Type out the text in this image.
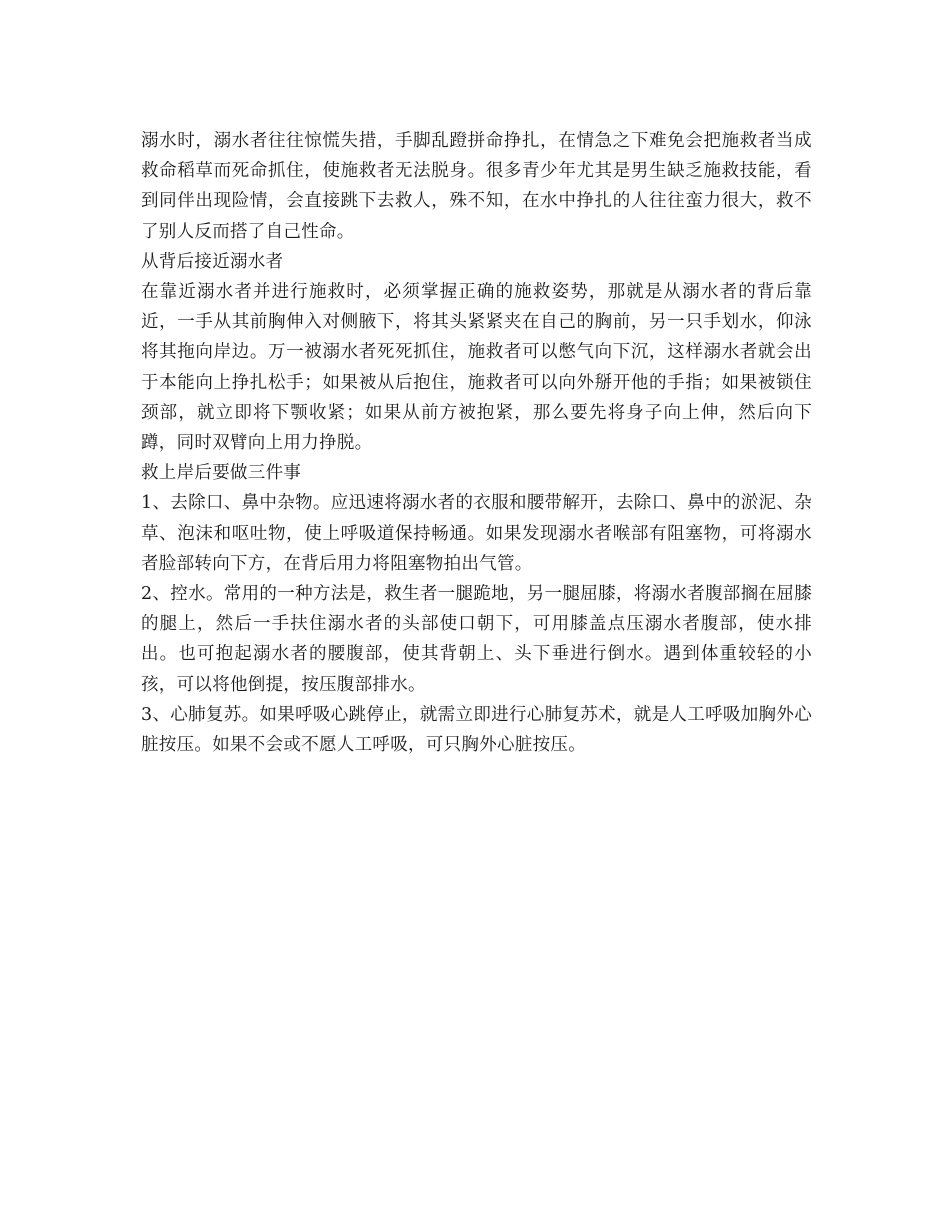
溺水时，溺水者往往惊慌失措，手脚乱蹬拼命挣扎，在情急之下难免会把施救者当成救命稻草而死命抓住，使施救者无法脱身。很多青少年尤其是男生缺乏施救技能，看到同伴出现险情，会直接跳下去救人，殊不知，在水中挣扎的人往往蛮力很大，救不了别人反而搭了自己性命。

从背后接近溺水者

在靠近溺水者并进行施救时，必须掌握正确的施救姿势，那就是从溺水者的背后靠近，一手从其前胸伸入对侧腋下，将其头紧紧夹在自己的胸前，另一只手划水，仰泳将其拖向岸边。万一被溺水者死死抓住，施救者可以憋气向下沉，这样溺水者就会出于本能向上挣扎松手；如果被从后抱住，施救者可以向外掰开他的手指；如果被锁住颈部，就立即将下颚收紧；如果从前方被抱紧，那么要先将身子向上伸，然后向下蹲，同时双臂向上用力挣脱。

救上岸后要做三件事

1、去除口、鼻中杂物。应迅速将溺水者的衣服和腰带解开，去除口、鼻中的淤泥、杂草、泡沫和呕吐物，使上呼吸道保持畅通。如果发现溺水者喉部有阻塞物，可将溺水者脸部转向下方，在背后用力将阻塞物拍出气管。

2、控水。常用的一种方法是，救生者一腿跪地，另一腿屈膝，将溺水者腹部搁在屈膝的腿上，然后一手扶住溺水者的头部使口朝下，可用膝盖点压溺水者腹部，使水排出。也可抱起溺水者的腰腹部，使其背朝上、头下垂进行倒水。遇到体重较轻的小孩，可以将他倒提，按压腹部排水。

3、心肺复苏。如果呼吸心跳停止，就需立即进行心肺复苏术，就是人工呼吸加胸外心脏按压。如果不会或不愿人工呼吸，可只胸外心脏按压。
